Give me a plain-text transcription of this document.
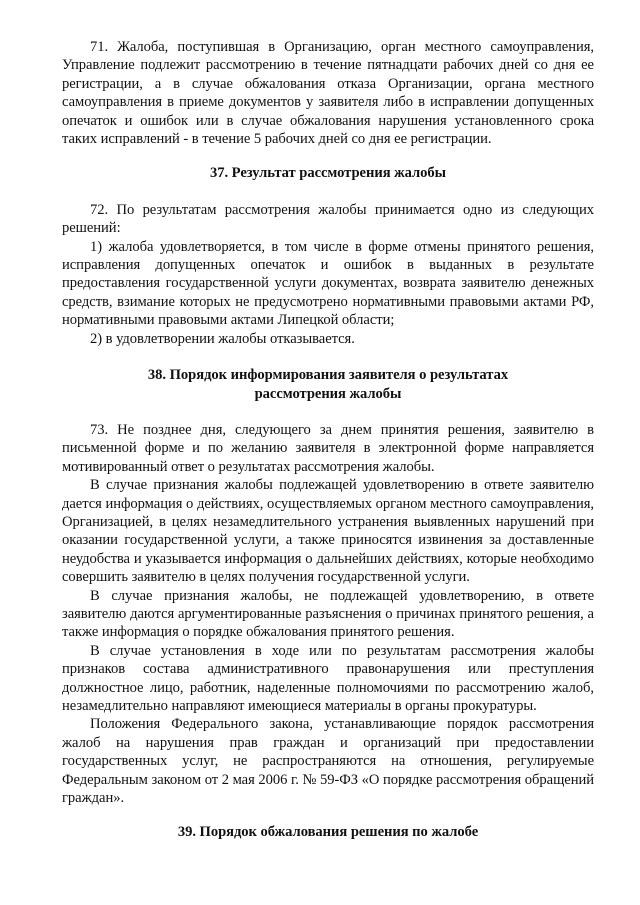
71. Жалоба, поступившая в Организацию, орган местного самоуправления, Управление подлежит рассмотрению в течение пятнадцати рабочих дней со дня ее регистрации, а в случае обжалования отказа Организации, органа местного самоуправления в приеме документов у заявителя либо в исправлении допущенных опечаток и ошибок или в случае обжалования нарушения установленного срока таких исправлений - в течение 5 рабочих дней со дня ее регистрации.

37. Результат рассмотрения жалобы

72. По результатам рассмотрения жалобы принимается одно из следующих решений:

1) жалоба удовлетворяется, в том числе в форме отмены принятого решения, исправления допущенных опечаток и ошибок в выданных в результате предоставления государственной услуги документах, возврата заявителю денежных средств, взимание которых не предусмотрено нормативными правовыми актами РФ, нормативными правовыми актами Липецкой области;

2) в удовлетворении жалобы отказывается.

38. Порядок информирования заявителя о результатах
рассмотрения жалобы

73. Не позднее дня, следующего за днем принятия решения, заявителю в письменной форме и по желанию заявителя в электронной форме направляется мотивированный ответ о результатах рассмотрения жалобы.

В случае признания жалобы подлежащей удовлетворению в ответе заявителю дается информация о действиях, осуществляемых органом местного самоуправления, Организацией, в целях незамедлительного устранения выявленных нарушений при оказании государственной услуги, а также приносятся извинения за доставленные неудобства и указывается информация о дальнейших действиях, которые необходимо совершить заявителю в целях получения государственной услуги.

В случае признания жалобы, не подлежащей удовлетворению, в ответе заявителю даются аргументированные разъяснения о причинах принятого решения, а также информация о порядке обжалования принятого решения.

В случае установления в ходе или по результатам рассмотрения жалобы признаков состава административного правонарушения или преступления должностное лицо, работник, наделенные полномочиями по рассмотрению жалоб, незамедлительно направляют имеющиеся материалы в органы прокуратуры.

Положения Федерального закона, устанавливающие порядок рассмотрения жалоб на нарушения прав граждан и организаций при предоставлении государственных услуг, не распространяются на отношения, регулируемые Федеральным законом от 2 мая 2006 г. № 59-ФЗ «О порядке рассмотрения обращений граждан».

39. Порядок обжалования решения по жалобе
